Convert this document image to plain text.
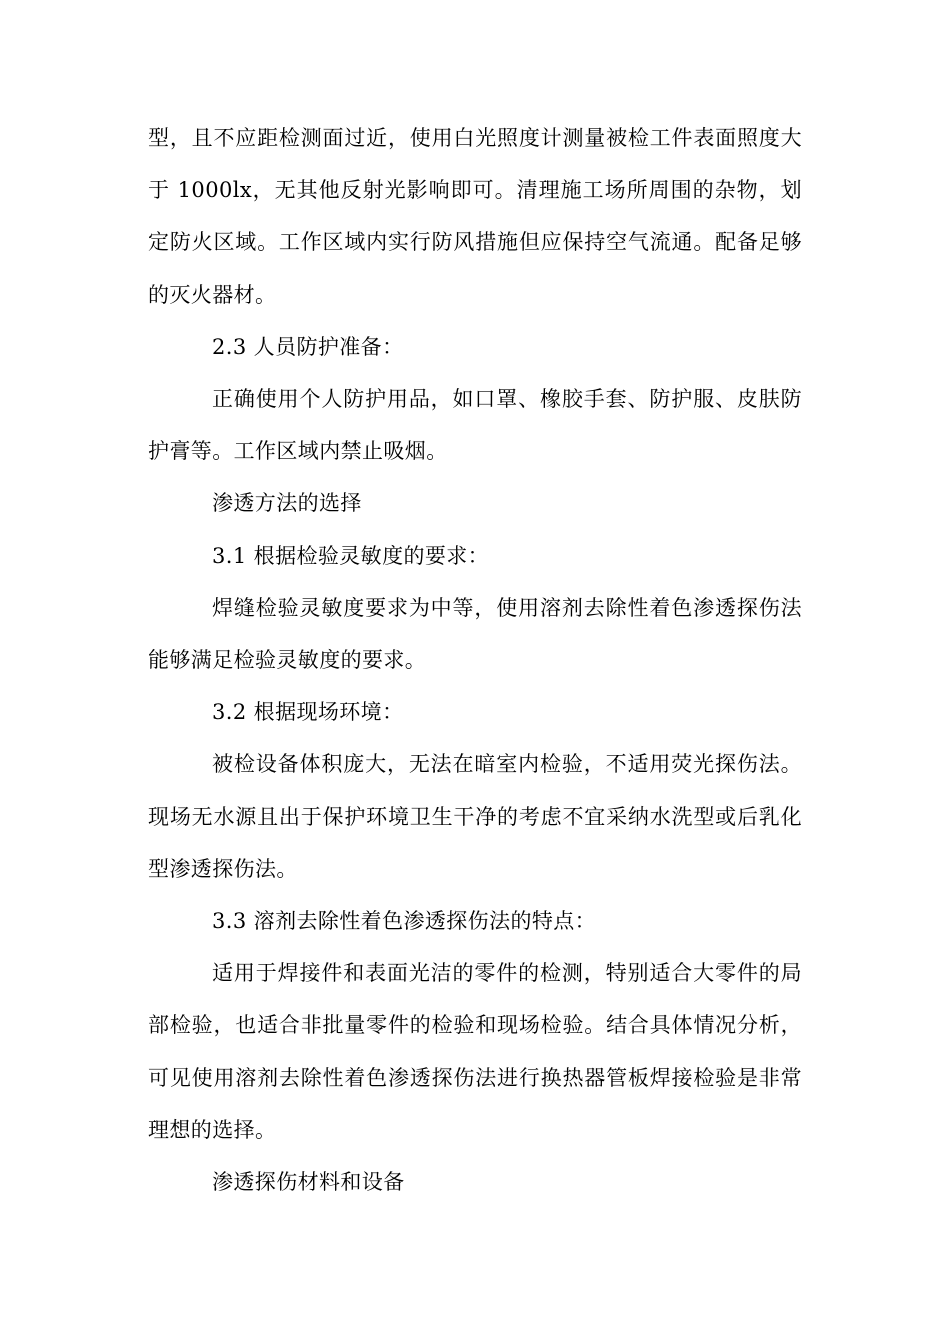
型，且不应距检测面过近，使用白光照度计测量被检工件表面照度大于 1000lx，无其他反射光影响即可。清理施工场所周围的杂物，划定防火区域。工作区域内实行防风措施但应保持空气流通。配备足够的灭火器材。

2.3 人员防护准备：

正确使用个人防护用品，如口罩、橡胶手套、防护服、皮肤防护膏等。工作区域内禁止吸烟。

渗透方法的选择

3.1 根据检验灵敏度的要求：

焊缝检验灵敏度要求为中等，使用溶剂去除性着色渗透探伤法能够满足检验灵敏度的要求。

3.2 根据现场环境：

被检设备体积庞大，无法在暗室内检验，不适用荧光探伤法。现场无水源且出于保护环境卫生干净的考虑不宜采纳水洗型或后乳化型渗透探伤法。

3.3 溶剂去除性着色渗透探伤法的特点：

适用于焊接件和表面光洁的零件的检测，特别适合大零件的局部检验，也适合非批量零件的检验和现场检验。结合具体情况分析，可见使用溶剂去除性着色渗透探伤法进行换热器管板焊接检验是非常理想的选择。

渗透探伤材料和设备
